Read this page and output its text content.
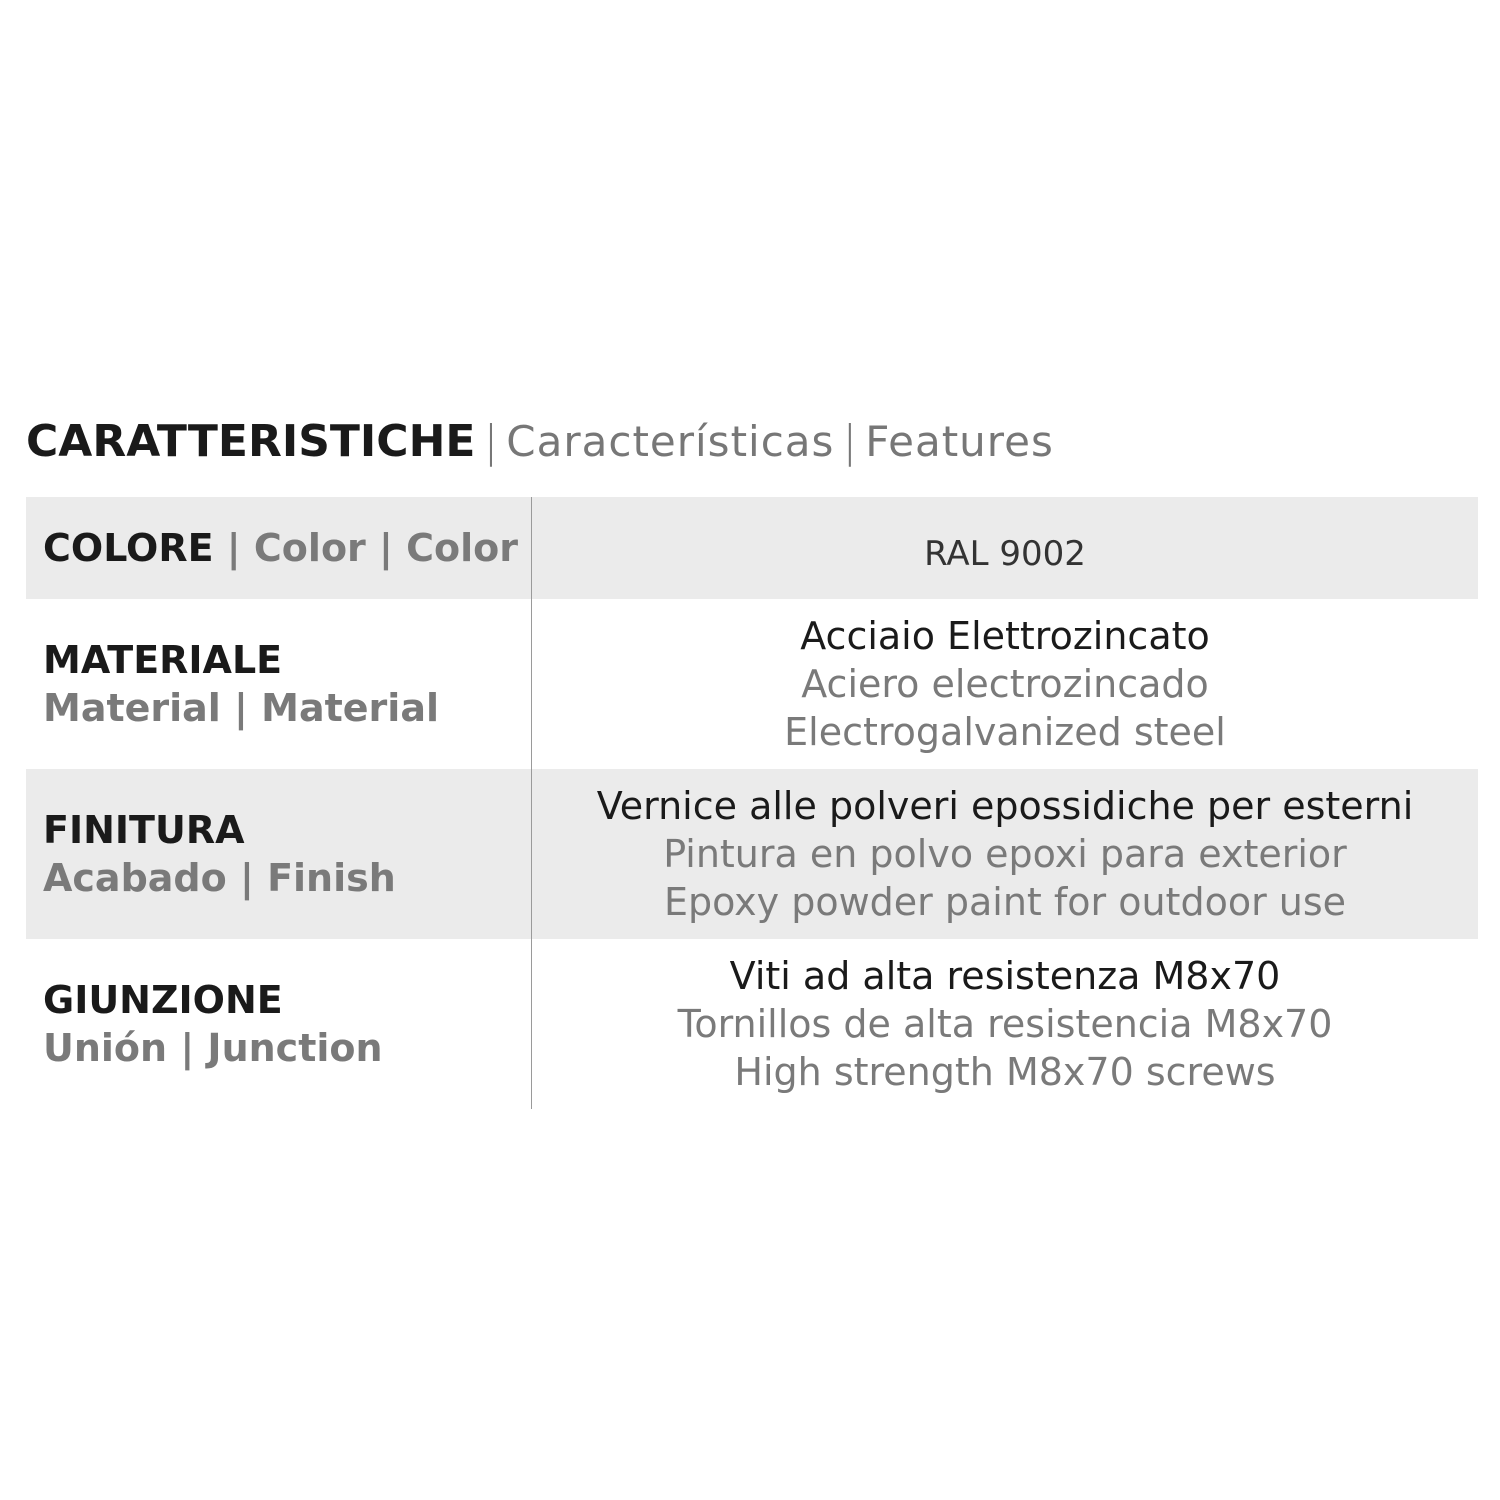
CARATTERISTICHE | Características | Features
COLORE | Color | Color	RAL 9002
MATERIALE
Material | Material
Acciaio Elettrozincato
Aciero electrozincado
Electrogalvanized steel
FINITURA
Acabado | Finish
Vernice alle polveri epossidiche per esterni
Pintura en polvo epoxi para exterior
Epoxy powder paint for outdoor use
GIUNZIONE
Unión | Junction
Viti ad alta resistenza M8x70
Tornillos de alta resistencia M8x70
High strength M8x70 screws
